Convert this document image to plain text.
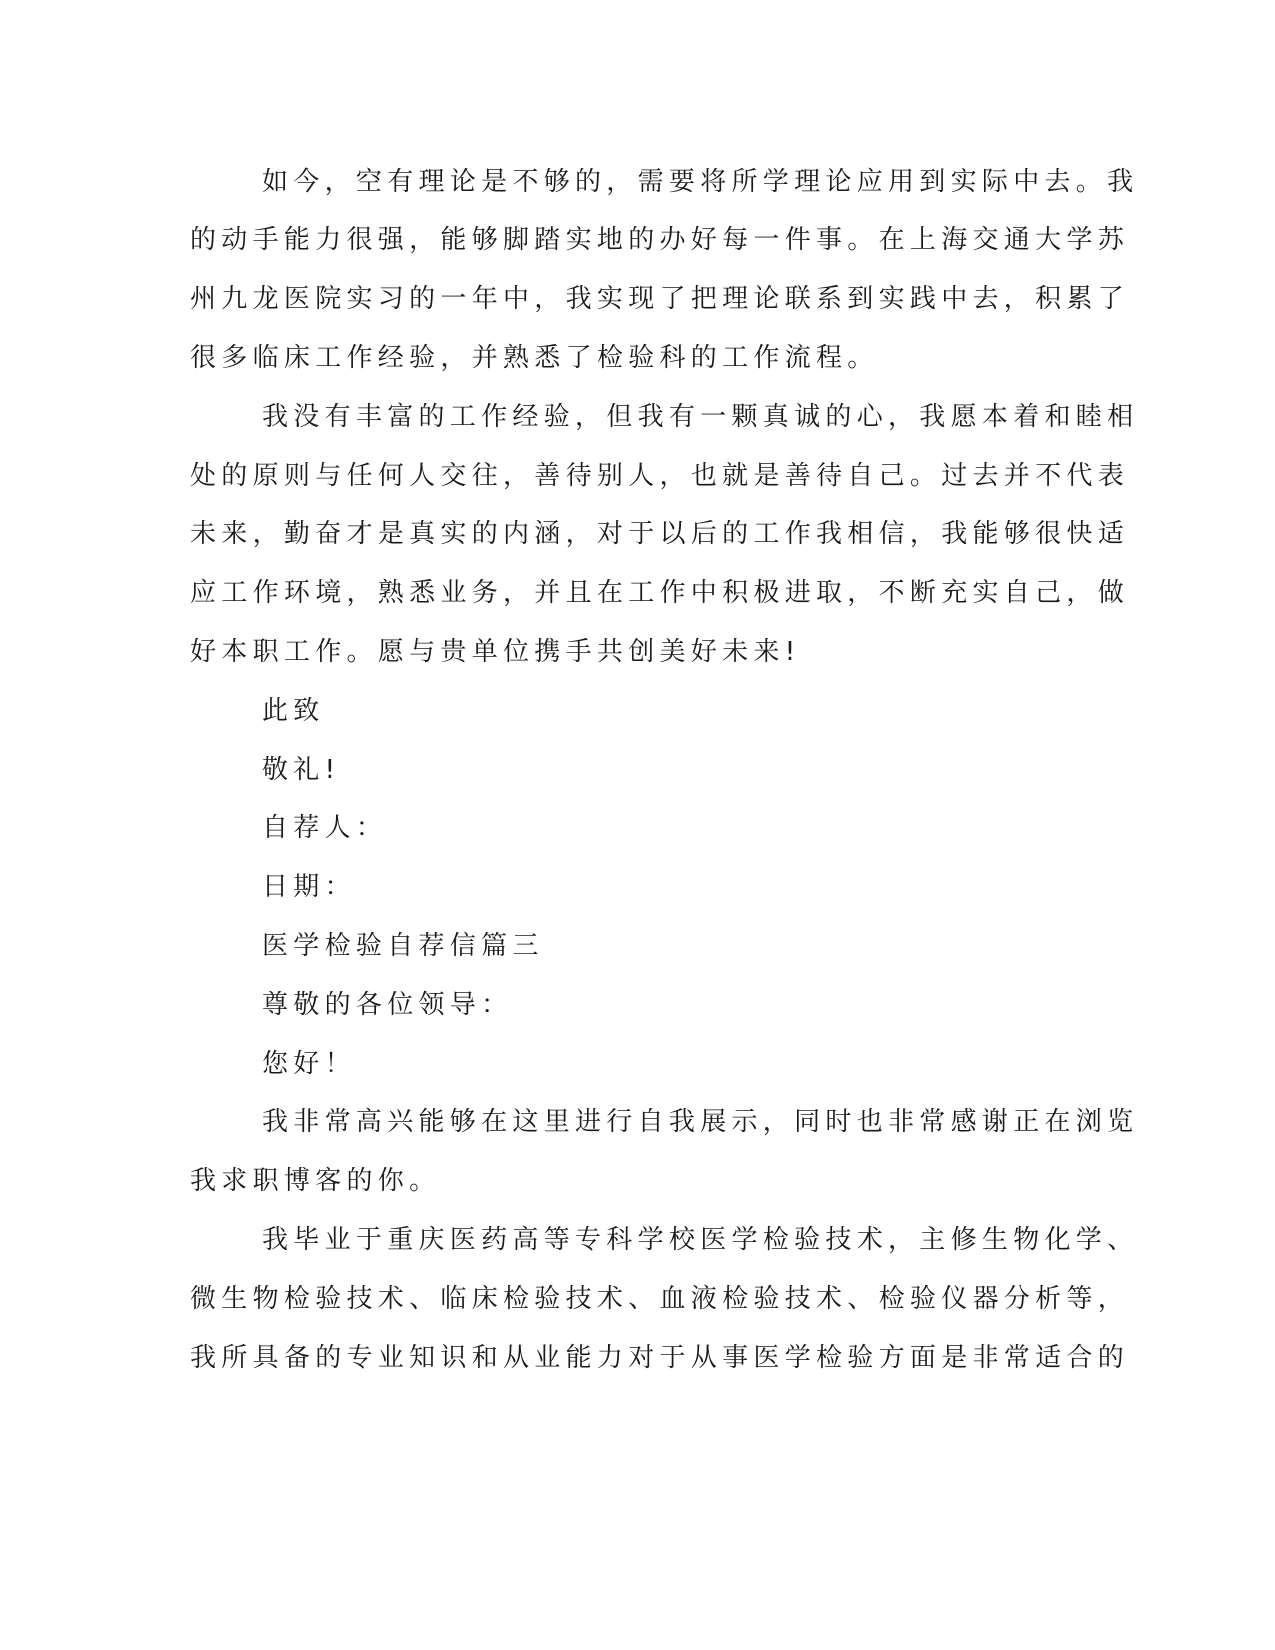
如今，空有理论是不够的，需要将所学理论应用到实际中去。我
的动手能力很强，能够脚踏实地的办好每一件事。在上海交通大学苏
州九龙医院实习的一年中，我实现了把理论联系到实践中去，积累了
很多临床工作经验，并熟悉了检验科的工作流程。
我没有丰富的工作经验，但我有一颗真诚的心，我愿本着和睦相
处的原则与任何人交往，善待别人，也就是善待自己。过去并不代表
未来，勤奋才是真实的内涵，对于以后的工作我相信，我能够很快适
应工作环境，熟悉业务，并且在工作中积极进取，不断充实自己，做
好本职工作。愿与贵单位携手共创美好未来!
此致
敬礼!
自荐人：
日期：
医学检验自荐信篇三
尊敬的各位领导：
您好！
我非常高兴能够在这里进行自我展示，同时也非常感谢正在浏览
我求职博客的你。
我毕业于重庆医药高等专科学校医学检验技术，主修生物化学、
微生物检验技术、临床检验技术、血液检验技术、检验仪器分析等，
我所具备的专业知识和从业能力对于从事医学检验方面是非常适合的
